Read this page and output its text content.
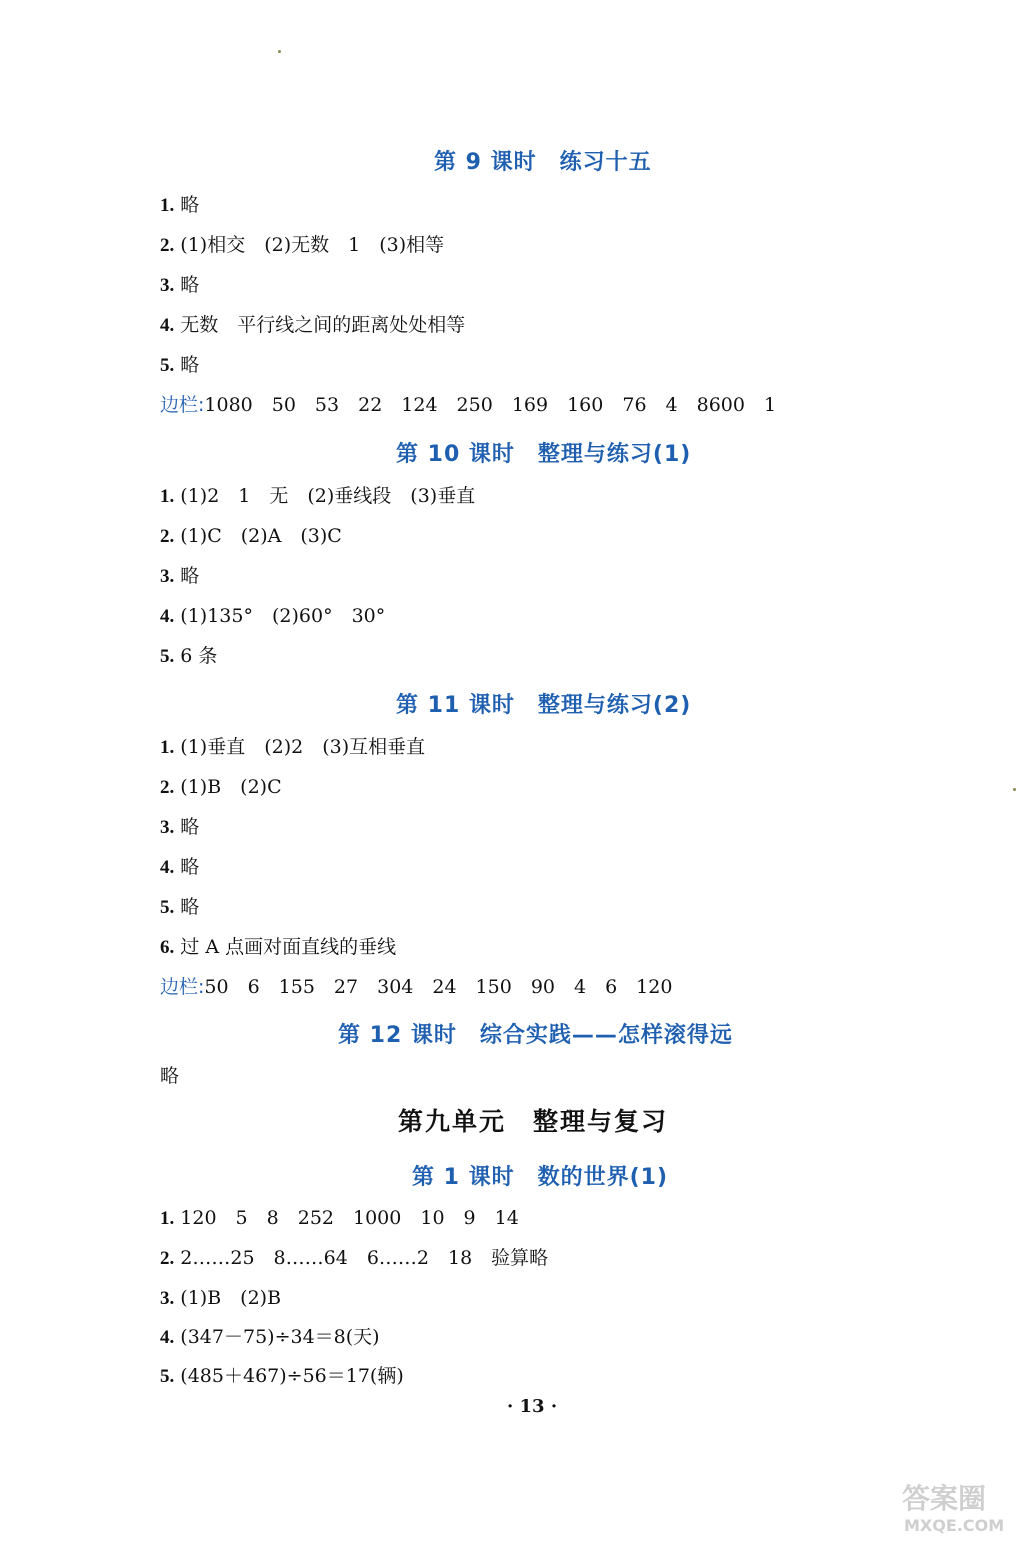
第 9 课时　练习十五
1. 略
2. (1)相交　(2)无数　1　(3)相等
3. 略
4. 无数　平行线之间的距离处处相等
5. 略
边栏:1080　50　53　22　124　250　169　160　76　4　8600　1
第 10 课时　整理与练习(1)
1. (1)2　1　无　(2)垂线段　(3)垂直
2. (1)C　(2)A　(3)C
3. 略
4. (1)135°　(2)60°　30°
5. 6 条
第 11 课时　整理与练习(2)
1. (1)垂直　(2)2　(3)互相垂直
2. (1)B　(2)C
3. 略
4. 略
5. 略
6. 过 A 点画对面直线的垂线
边栏:50　6　155　27　304　24　150　90　4　6　120
第 12 课时　综合实践——怎样滚得远
略
第九单元　整理与复习
第 1 课时　数的世界(1)
1. 120　5　8　252　1000　10　9　14
2. 2……25　8……64　6……2　18　验算略
3. (1)B　(2)B
4. (347－75)÷34＝8(天)
5. (485＋467)÷56＝17(辆)
· 13 ·
答案圈
MXQE.COM
